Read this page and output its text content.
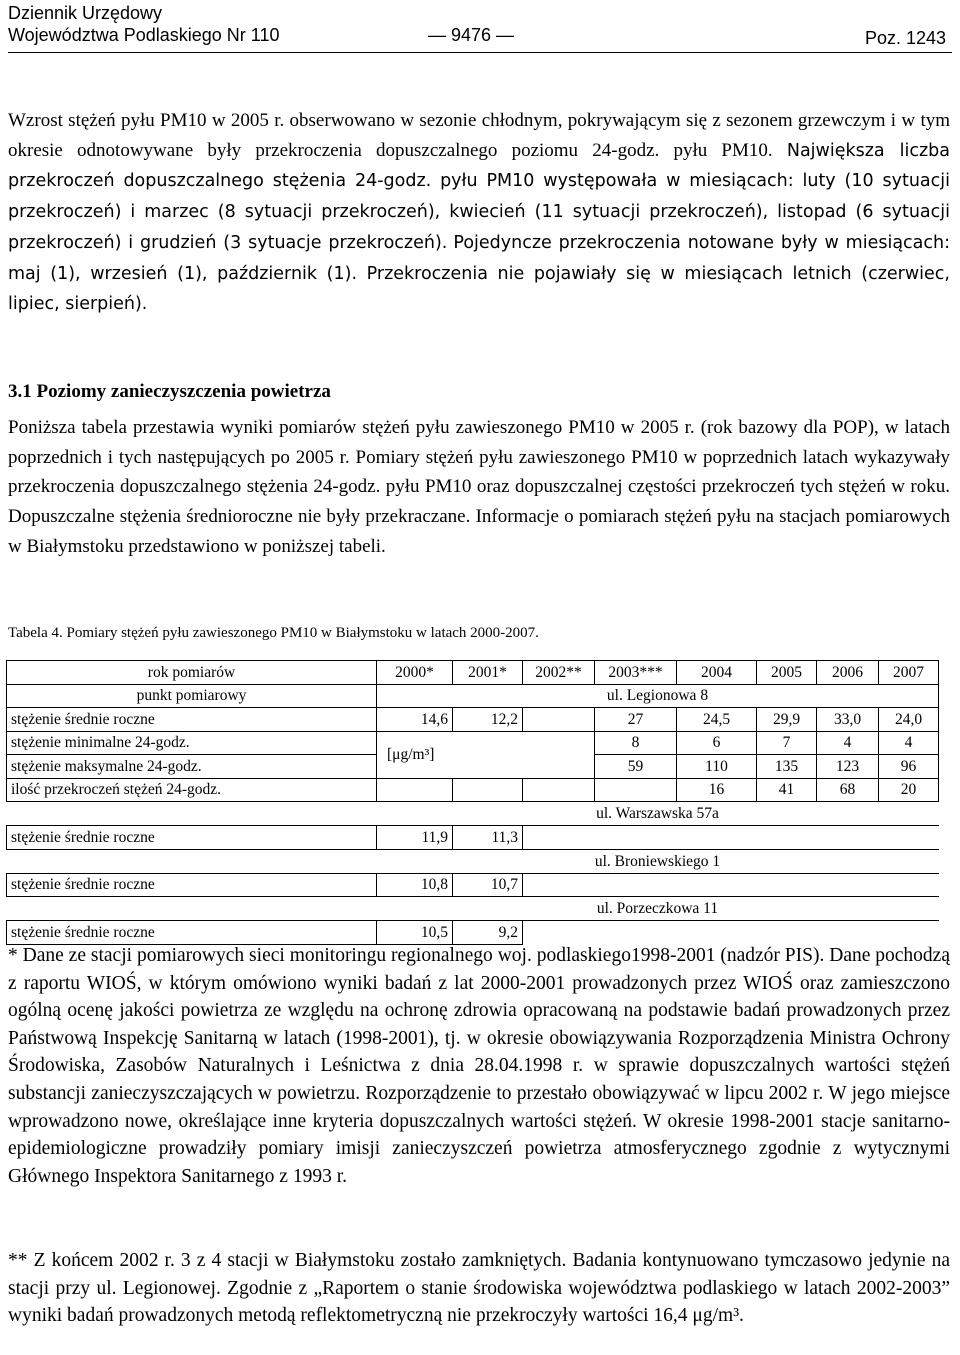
Dziennik Urzędowy
Województwa Podlaskiego Nr 110	— 9476 —	Poz. 1243
Wzrost stężeń pyłu PM10 w 2005 r. obserwowano w sezonie chłodnym, pokrywającym się z sezonem grzewczym i w tym okresie odnotowywane były przekroczenia dopuszczalnego poziomu 24-godz. pyłu PM10. Największa liczba przekroczeń dopuszczalnego stężenia 24-godz. pyłu PM10 występowała w miesiącach: luty (10 sytuacji przekroczeń) i marzec (8 sytuacji przekroczeń), kwiecień (11 sytuacji przekroczeń), listopad (6 sytuacji przekroczeń) i grudzień (3 sytuacje przekroczeń). Pojedyncze przekroczenia notowane były w miesiącach: maj (1), wrzesień (1), październik (1). Przekroczenia nie pojawiały się w miesiącach letnich (czerwiec, lipiec, sierpień).
3.1 Poziomy zanieczyszczenia powietrza
Poniższa tabela przestawia wyniki pomiarów stężeń pyłu zawieszonego PM10 w 2005 r. (rok bazowy dla POP), w latach poprzednich i tych następujących po 2005 r. Pomiary stężeń pyłu zawieszonego PM10 w poprzednich latach wykazywały przekroczenia dopuszczalnego stężenia 24-godz. pyłu PM10 oraz dopuszczalnej częstości przekroczeń tych stężeń w roku. Dopuszczalne stężenia średnioroczne nie były przekraczane. Informacje o pomiarach stężeń pyłu na stacjach pomiarowych w Białymstoku przedstawiono w poniższej tabeli.
Tabela 4. Pomiary stężeń pyłu zawieszonego PM10 w Białymstoku w latach 2000-2007.
rok pomiarów	2000*	2001*	2002**	2003***	2004	2005	2006	2007
punkt pomiarowy	ul. Legionowa 8							
stężenie średnie roczne	14,6	12,2		27	24,5	29,9	33,0	24,0
stężenie minimalne 24-godz.	[μg/m³]			8	6	7	4	4
stężenie maksymalne 24-godz.				59	110	135	123	96
ilość przekroczeń stężeń 24-godz.					16	41	68	20
	ul. Warszawska 57a							
stężenie średnie roczne	11,9	11,3						
	ul. Broniewskiego 1							
stężenie średnie roczne	10,8	10,7						
	ul. Porzeczkowa 11							
stężenie średnie roczne	10,5	9,2						
* Dane ze stacji pomiarowych sieci monitoringu regionalnego woj. podlaskiego1998-2001 (nadzór PIS). Dane pochodzą z raportu WIOŚ, w którym omówiono wyniki badań z lat 2000-2001 prowadzonych przez WIOŚ oraz zamieszczono ogólną ocenę jakości powietrza ze względu na ochronę zdrowia opracowaną na podstawie badań prowadzonych przez Państwową Inspekcję Sanitarną w latach (1998-2001), tj. w okresie obowiązywania Rozporządzenia Ministra Ochrony Środowiska, Zasobów Naturalnych i Leśnictwa z dnia 28.04.1998 r. w sprawie dopuszczalnych wartości stężeń substancji zanieczyszczających w powietrzu. Rozporządzenie to przestało obowiązywać w lipcu 2002 r. W jego miejsce wprowadzono nowe, określające inne kryteria dopuszczalnych wartości stężeń. W okresie 1998-2001 stacje sanitarno-epidemiologiczne prowadziły pomiary imisji zanieczyszczeń powietrza atmosferycznego zgodnie z wytycznymi Głównego Inspektora Sanitarnego z 1993 r.
** Z końcem 2002 r. 3 z 4 stacji w Białymstoku zostało zamkniętych. Badania kontynuowano tymczasowo jedynie na stacji przy ul. Legionowej. Zgodnie z „Raportem o stanie środowiska województwa podlaskiego w latach 2002-2003” wyniki badań prowadzonych metodą reflektometryczną nie przekroczyły wartości 16,4 μg/m³.
